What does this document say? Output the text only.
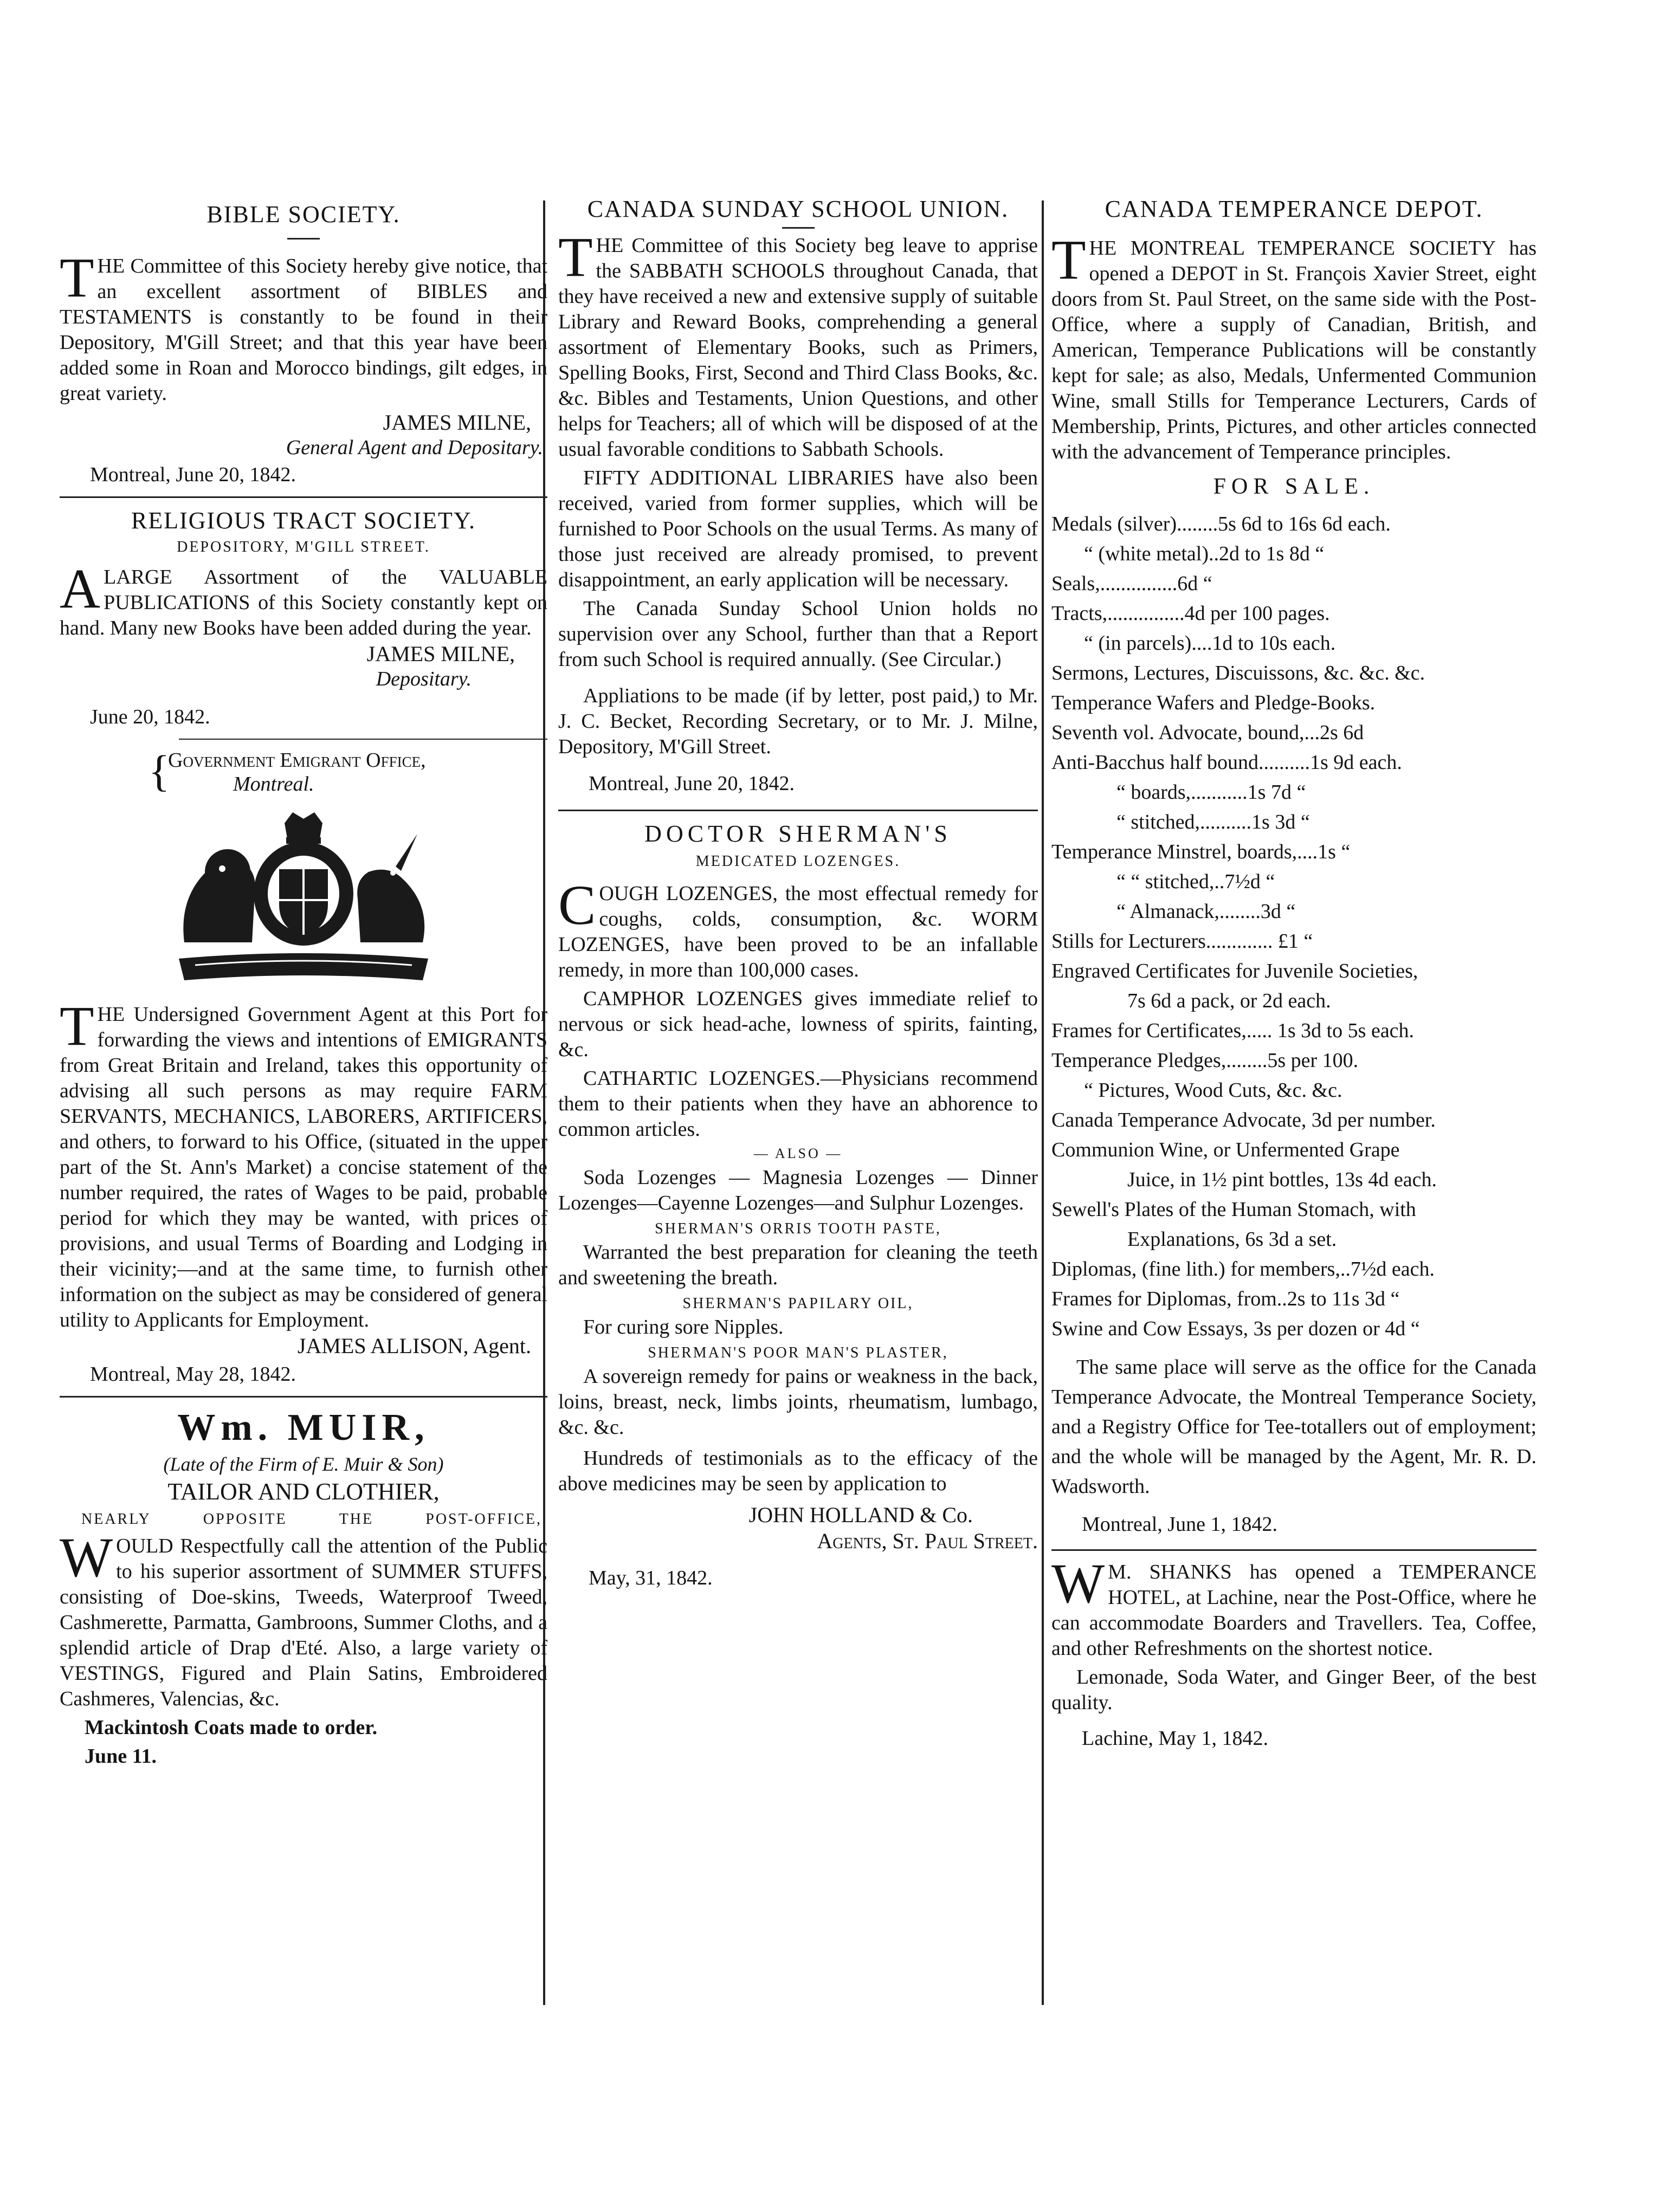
BIBLE SOCIETY.

THE Committee of this Society hereby give notice, that an excellent assortment of BIBLES and TESTAMENTS is constantly to be found in their Depository, M'Gill Street; and that this year have been added some in Roan and Morocco bindings, gilt edges, in great variety.

JAMES MILNE,

General Agent and Depositary.

Montreal, June 20, 1842.

RELIGIOUS TRACT SOCIETY.
DEPOSITORY, M'GILL STREET.

ALARGE Assortment of the VALUABLE PUBLICATIONS of this Society constantly kept on hand. Many new Books have been added during the year.

JAMES MILNE,

Depositary.

June 20, 1842.

{
Government Emigrant Office,
Montreal.

THE Undersigned Government Agent at this Port for forwarding the views and intentions of EMIGRANTS from Great Britain and Ireland, takes this opportunity of advising all such persons as may require FARM SERVANTS, MECHANICS, LABORERS, ARTIFICERS, and others, to forward to his Office, (situated in the upper part of the St. Ann's Market) a concise statement of the number required, the rates of Wages to be paid, probable period for which they may be wanted, with prices of provisions, and usual Terms of Boarding and Lodging in their vicinity;—and at the same time, to furnish other information on the subject as may be considered of general utility to Applicants for Employment.

JAMES ALLISON, Agent.

Montreal, May 28, 1842.

Wm. MUIR,
(Late of the Firm of E. Muir & Son)
TAILOR AND CLOTHIER,
NEARLY	OPPOSITE	THE	POST-OFFICE,

WOULD Respectfully call the attention of the Public to his superior assortment of SUMMER STUFFS, consisting of Doe-skins, Tweeds, Waterproof Tweed, Cashmerette, Parmatta, Gambroons, Summer Cloths, and a splendid article of Drap d'Eté. Also, a large variety of VESTINGS, Figured and Plain Satins, Embroidered Cashmeres, Valencias, &c.

Mackintosh Coats made to order.

June 11.

CANADA SUNDAY SCHOOL UNION.

THE Committee of this Society beg leave to apprise the SABBATH SCHOOLS throughout Canada, that they have received a new and extensive supply of suitable Library and Reward Books, comprehending a general assortment of Elementary Books, such as Primers, Spelling Books, First, Second and Third Class Books, &c. &c. Bibles and Testaments, Union Questions, and other helps for Teachers; all of which will be disposed of at the usual favorable conditions to Sabbath Schools.

FIFTY ADDITIONAL LIBRARIES have also been received, varied from former supplies, which will be furnished to Poor Schools on the usual Terms. As many of those just received are already promised, to prevent disappointment, an early application will be necessary.

The Canada Sunday School Union holds no supervision over any School, further than that a Report from such School is required annually. (See Circular.)

Appliations to be made (if by letter, post paid,) to Mr. J. C. Becket, Recording Secretary, or to Mr. J. Milne, Depository, M'Gill Street.

Montreal, June 20, 1842.

DOCTOR SHERMAN'S
MEDICATED LOZENGES.

COUGH LOZENGES, the most effectual remedy for coughs, colds, consumption, &c. WORM LOZENGES, have been proved to be an infallable remedy, in more than 100,000 cases.

CAMPHOR LOZENGES gives immediate relief to nervous or sick head-ache, lowness of spirits, fainting, &c.

CATHARTIC LOZENGES.—Physicians recommend them to their patients when they have an abhorence to common articles.

— ALSO —

Soda Lozenges — Magnesia Lozenges — Dinner Lozenges—Cayenne Lozenges—and Sulphur Lozenges.

SHERMAN'S ORRIS TOOTH PASTE,

Warranted the best preparation for cleaning the teeth and sweetening the breath.

SHERMAN'S PAPILARY OIL,

For curing sore Nipples.

SHERMAN'S POOR MAN'S PLASTER,

A sovereign remedy for pains or weakness in the back, loins, breast, neck, limbs joints, rheumatism, lumbago, &c. &c.

Hundreds of testimonials as to the efficacy of the above medicines may be seen by application to

JOHN HOLLAND & Co.

Agents, St. Paul Street.

May, 31, 1842.

CANADA TEMPERANCE DEPOT.

THE MONTREAL TEMPERANCE SOCIETY has opened a DEPOT in St. François Xavier Street, eight doors from St. Paul Street, on the same side with the Post-Office, where a supply of Canadian, British, and American, Temperance Publications will be constantly kept for sale; as also, Medals, Unfermented Communion Wine, small Stills for Temperance Lecturers, Cards of Membership, Prints, Pictures, and other articles connected with the advancement of Temperance principles.

FOR SALE.

Medals (silver)........5s 6d to 16s 6d each.

“ (white metal)..2d to 1s 8d “

Seals,...............6d “

Tracts,...............4d per 100 pages.

“ (in parcels)....1d to 10s each.

Sermons, Lectures, Discuissons, &c. &c. &c.

Temperance Wafers and Pledge-Books.

Seventh vol. Advocate, bound,...2s 6d

Anti-Bacchus half bound..........1s 9d each.

“ boards,...........1s 7d “

“ stitched,..........1s 3d “

Temperance Minstrel, boards,....1s “

“ “ stitched,..7½d “

“ Almanack,........3d “

Stills for Lecturers............. £1 “

Engraved Certificates for Juvenile Societies,

7s 6d a pack, or 2d each.

Frames for Certificates,..... 1s 3d to 5s each.

Temperance Pledges,........5s per 100.

“ Pictures, Wood Cuts, &c. &c.

Canada Temperance Advocate, 3d per number.

Communion Wine, or Unfermented Grape

Juice, in 1½ pint bottles, 13s 4d each.

Sewell's Plates of the Human Stomach, with

Explanations, 6s 3d a set.

Diplomas, (fine lith.) for members,..7½d each.

Frames for Diplomas, from..2s to 11s 3d “

Swine and Cow Essays, 3s per dozen or 4d “

The same place will serve as the office for the Canada Temperance Advocate, the Montreal Temperance Society, and a Registry Office for Tee-totallers out of employment; and the whole will be managed by the Agent, Mr. R. D. Wadsworth.

Montreal, June 1, 1842.

W M. SHANKS has opened a TEMPERANCE HOTEL, at Lachine, near the Post-Office, where he can accommodate Boarders and Travellers. Tea, Coffee, and other Refreshments on the shortest notice.

Lemonade, Soda Water, and Ginger Beer, of the best quality.

Lachine, May 1, 1842.
